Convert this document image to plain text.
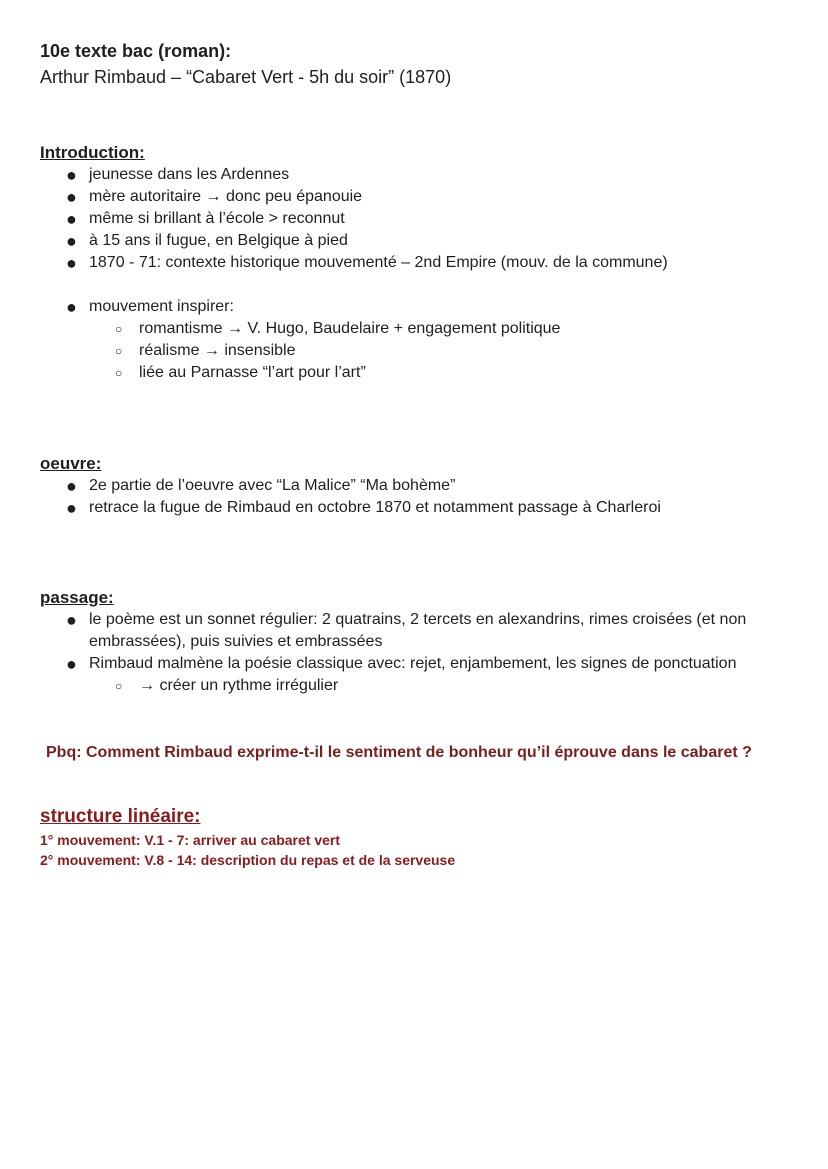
10e texte bac (roman):
Arthur Rimbaud – “Cabaret Vert - 5h du soir” (1870)
Introduction:
● jeunesse dans les Ardennes
● mère autoritaire → donc peu épanouie
● même si brillant à l’école > reconnut
● à 15 ans il fugue, en Belgique à pied
● 1870 - 71: contexte historique mouvementé – 2nd Empire (mouv. de la commune)
● mouvement inspirer:
○ romantisme → V. Hugo, Baudelaire + engagement politique
○ réalisme → insensible
○ liée au Parnasse “l’art pour l’art”
oeuvre:
● 2e partie de l’oeuvre avec “La Malice” “Ma bohème”
● retrace la fugue de Rimbaud en octobre 1870 et notamment passage à Charleroi
passage:
● le poème est un sonnet régulier: 2 quatrains, 2 tercets en alexandrins, rimes croisées (et non
embrassées), puis suivies et embrassées
● Rimbaud malmène la poésie classique avec: rejet, enjambement, les signes de ponctuation
○ → créer un rythme irrégulier
Pbq: Comment Rimbaud exprime-t-il le sentiment de bonheur qu’il éprouve dans le cabaret ?
structure linéaire:
1° mouvement: V.1 - 7: arriver au cabaret vert
2° mouvement: V.8 - 14: description du repas et de la serveuse
